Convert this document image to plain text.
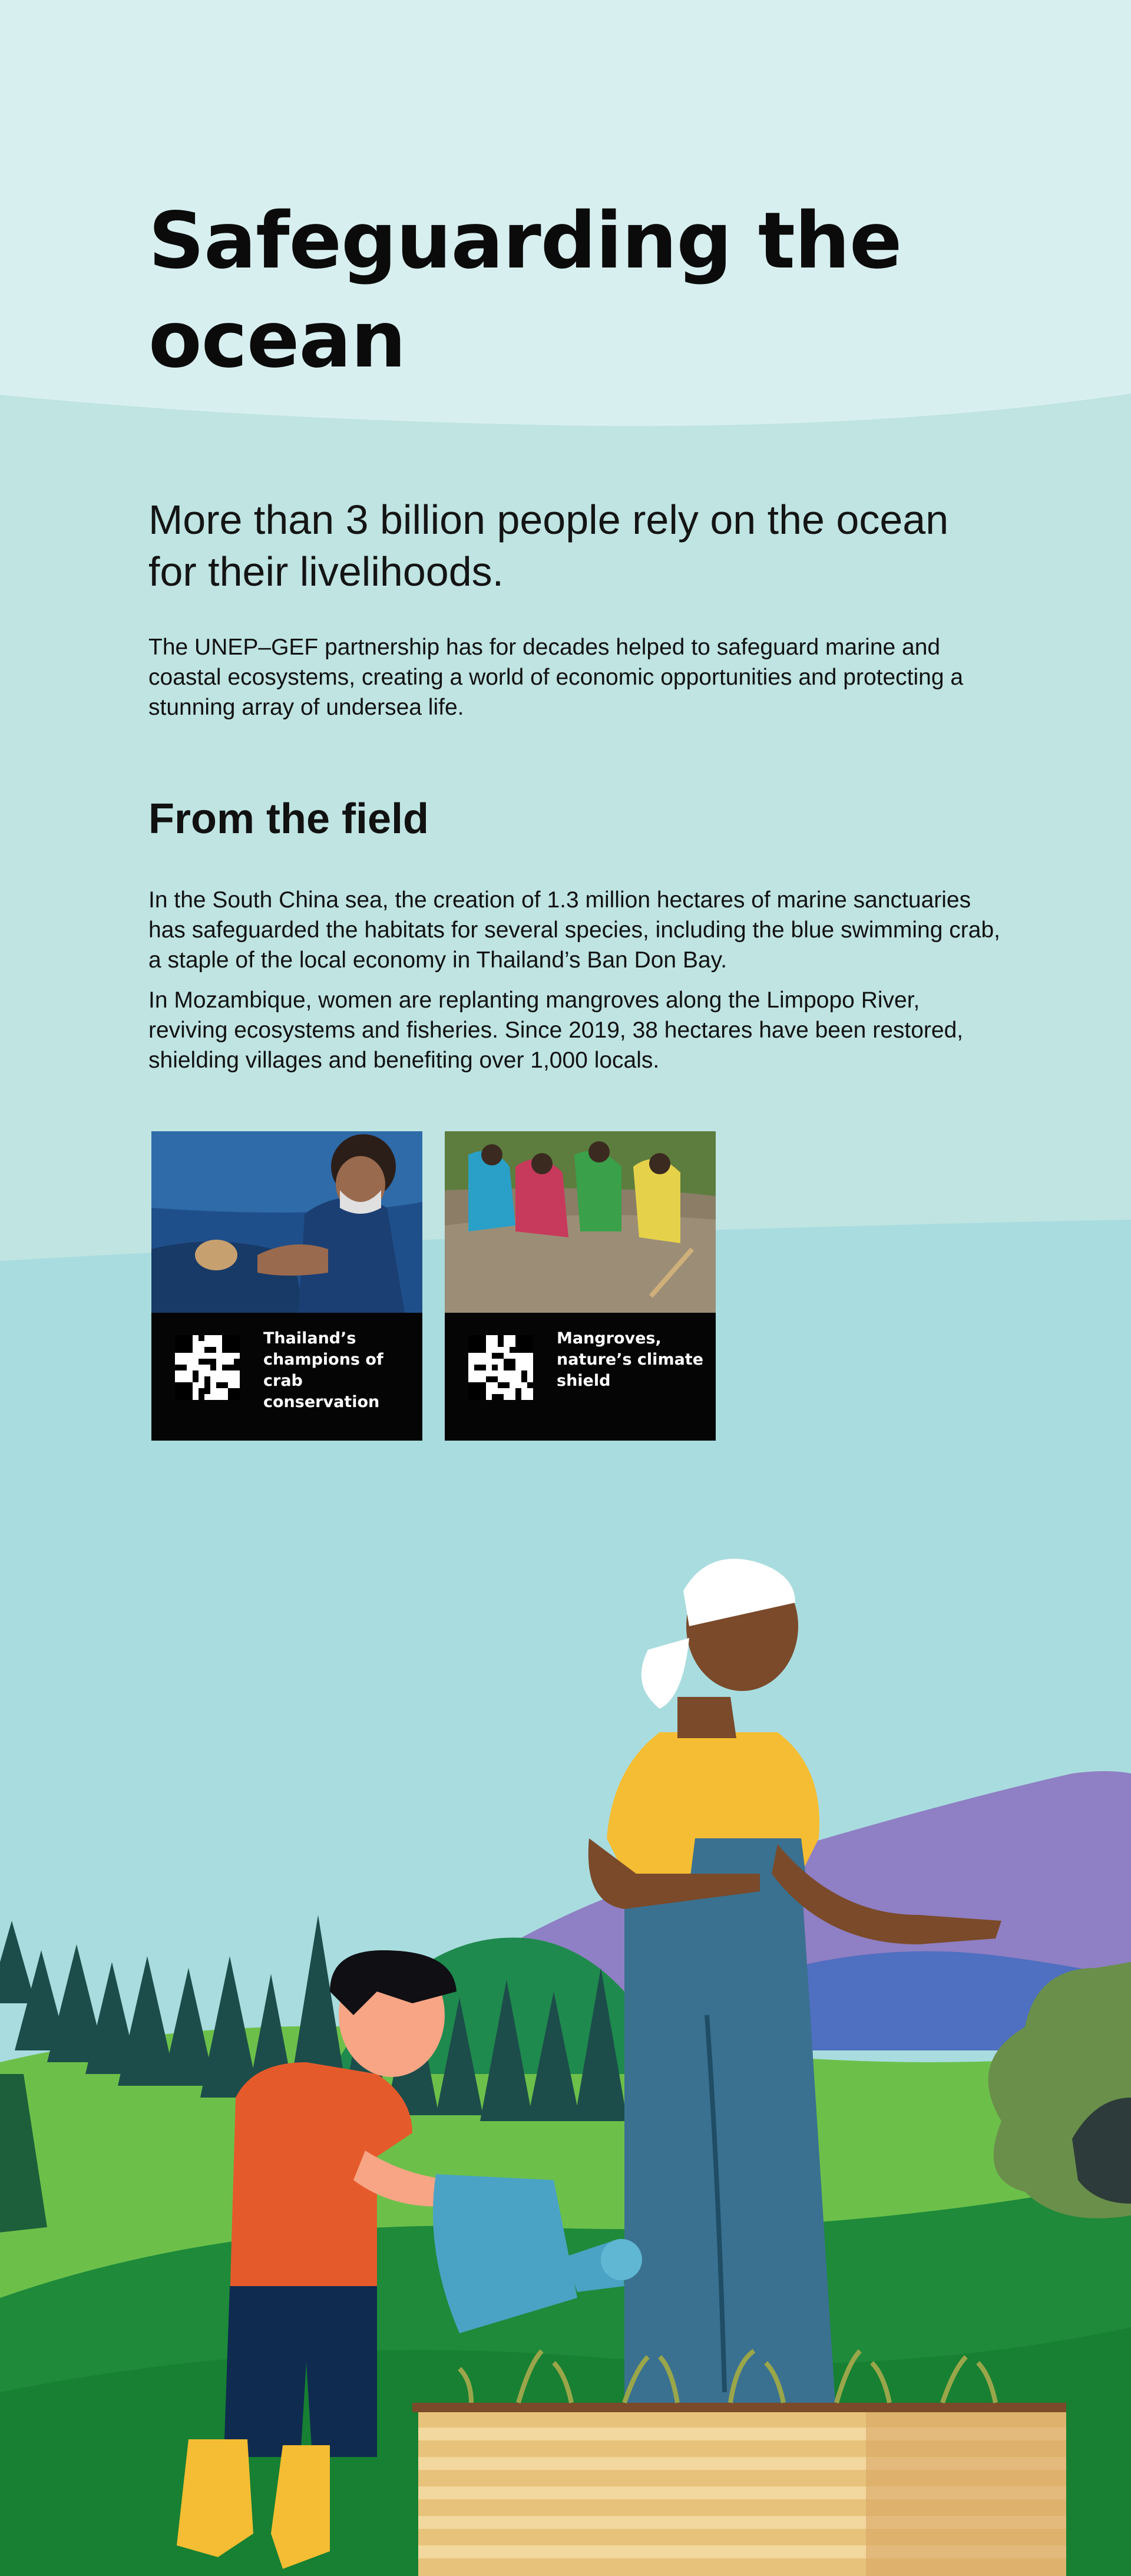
Safeguarding the ocean

More than 3 billion people rely on the ocean for their livelihoods.

The UNEP–GEF partnership has for decades helped to safeguard marine and coastal ecosystems, creating a world of economic opportunities and protecting a stunning array of undersea life.

From the field

In the South China sea, the creation of 1.3 million hectares of marine sanctuaries has safeguarded the habitats for several species, including the blue swimming crab, a staple of the local economy in Thailand’s Ban Don Bay.

In Mozambique, women are replanting mangroves along the Limpopo River, reviving ecosystems and fisheries. Since 2019, 38 hectares have been restored, shielding villages and benefiting over 1,000 locals.

Thailand’s champions of crab conservation
Mangroves, nature’s climate shield
